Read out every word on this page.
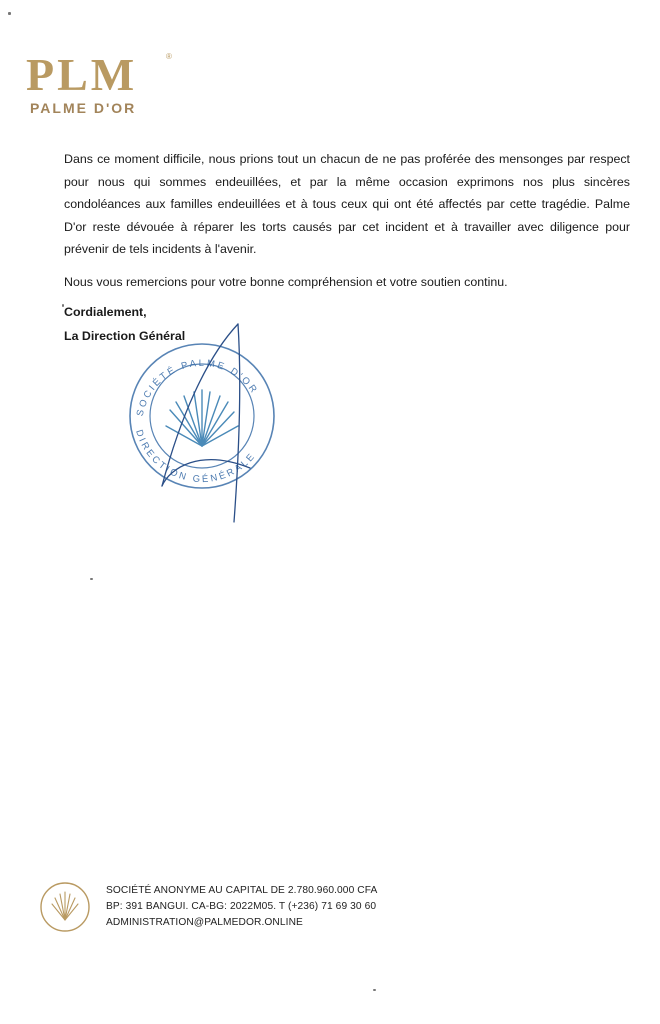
PLM	®
PALME D'OR

Dans ce moment difficile, nous prions tout un chacun de ne pas proférée des mensonges par respect pour nous qui sommes endeuillées, et par la même occasion exprimons nos plus sincères condoléances aux familles endeuillées et à tous ceux qui ont été affectés par cette tragédie. Palme D'or reste dévouée à réparer les torts causés par cet incident et à travailler avec diligence pour prévenir de tels incidents à l'avenir.

Nous vous remercions pour votre bonne compréhension et votre soutien continu.

Cordialement,
La Direction Général
SOCIÉTÉ PALME D'OR
DIRECTION GÉNÉRALE
SOCIÉTÉ ANONYME AU CAPITAL DE 2.780.960.000 CFA
BP: 391 BANGUI. CA-BG: 2022M05. T (+236) 71 69 30 60
ADMINISTRATION@PALMEDOR.ONLINE
